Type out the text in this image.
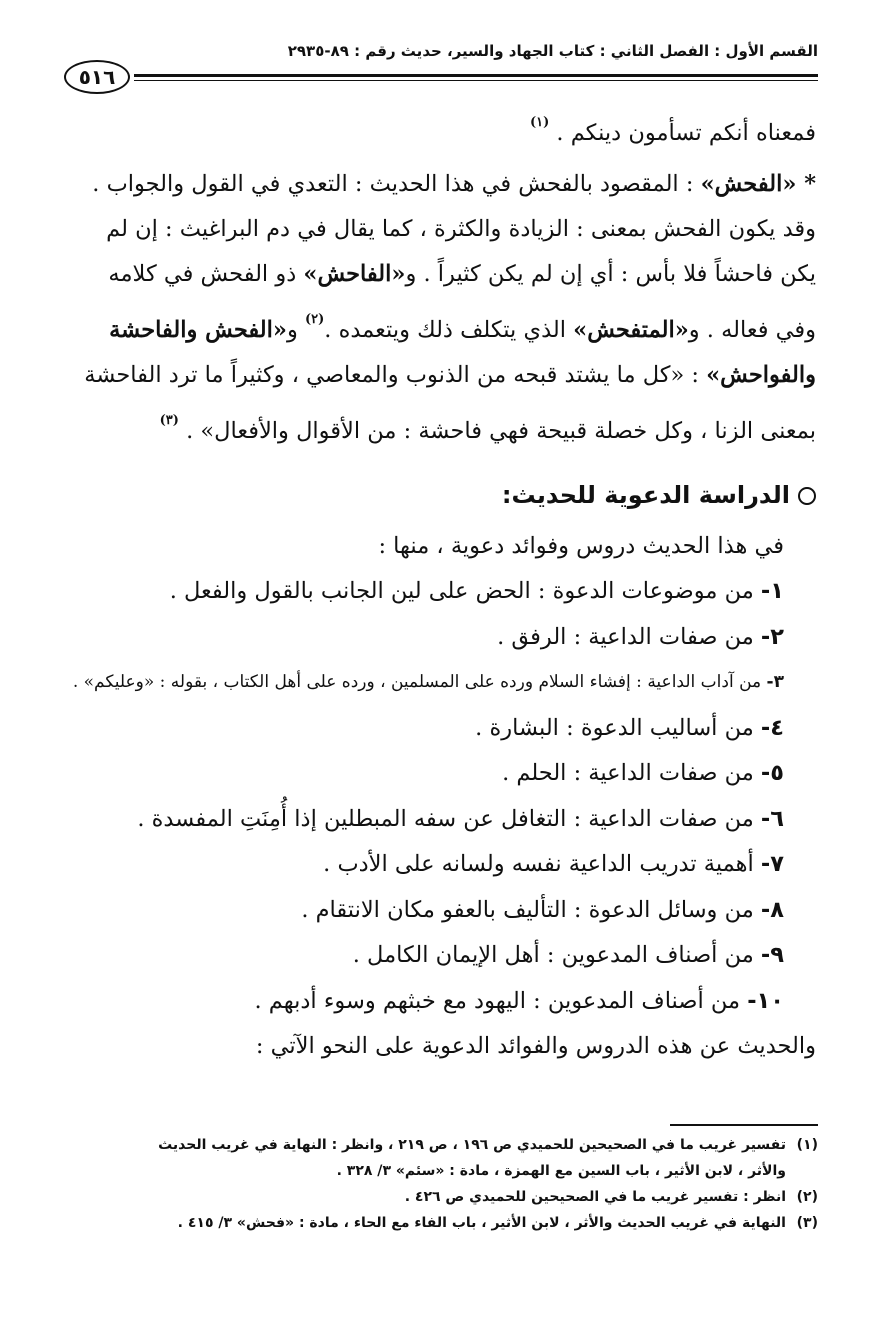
القسم الأول : الفصل الثاني : كتاب الجهاد والسير، حديث رقم : ٨٩-٢٩٣٥
٥١٦
فمعناه أنكم تسأمون دينكم . $^{(١)}$
* «الفحش» : المقصود بالفحش في هذا الحديث : التعدي في القول والجواب .
وقد يكون الفحش بمعنى : الزيادة والكثرة ، كما يقال في دم البراغيث : إن لم
يكن فاحشاً فلا بأس : أي إن لم يكن كثيراً . و«الفاحش» ذو الفحش في كلامه
وفي فعاله . و«المتفحش» الذي يتكلف ذلك ويتعمده .$^{(٢)}$ و«الفحش والفاحشة
والفواحش» : «كل ما يشتد قبحه من الذنوب والمعاصي ، وكثيراً ما ترد الفاحشة
بمعنى الزنا ، وكل خصلة قبيحة فهي فاحشة : من الأقوال والأفعال» . $^{(٣)}$
الدراسة الدعوية للحديث:
في هذا الحديث دروس وفوائد دعوية ، منها :
١- من موضوعات الدعوة : الحض على لين الجانب بالقول والفعل .
٢- من صفات الداعية : الرفق .
٣- من آداب الداعية : إفشاء السلام ورده على المسلمين ، ورده على أهل الكتاب ، بقوله : «وعليكم» .
٤- من أساليب الدعوة : البشارة .
٥- من صفات الداعية : الحلم .
٦- من صفات الداعية : التغافل عن سفه المبطلين إذا أُمِنَتِ المفسدة .
٧- أهمية تدريب الداعية نفسه ولسانه على الأدب .
٨- من وسائل الدعوة : التأليف بالعفو مكان الانتقام .
٩- من أصناف المدعوين : أهل الإيمان الكامل .
١٠- من أصناف المدعوين : اليهود مع خبثهم وسوء أدبهم .
والحديث عن هذه الدروس والفوائد الدعوية على النحو الآتي :
(١)تفسير غريب ما في الصحيحين للحميدي ص ١٩٦ ، ص ٢١٩ ، وانظر : النهاية في غريب الحديث
والأثر ، لابن الأثير ، باب السين مع الهمزة ، مادة : «سئم» ٣/ ٣٢٨ .
(٢)انظر : تفسير غريب ما في الصحيحين للحميدي ص ٤٢٦ .
(٣)النهاية في غريب الحديث والأثر ، لابن الأثير ، باب الفاء مع الحاء ، مادة : «فحش» ٣/ ٤١٥ .
